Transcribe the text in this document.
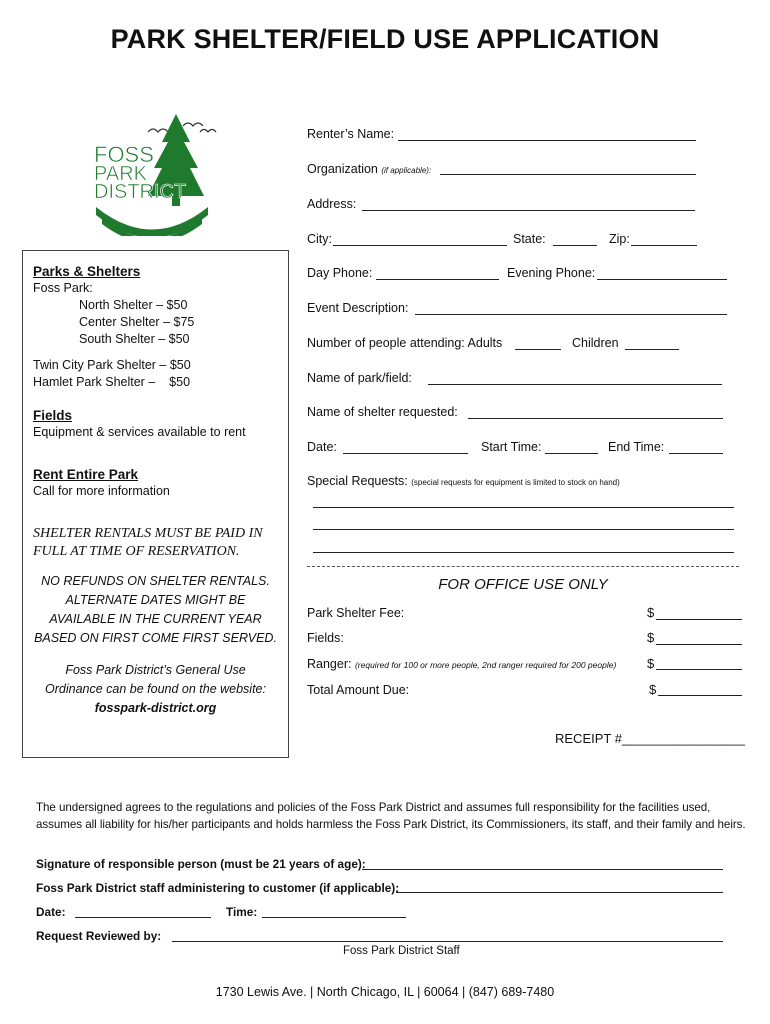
PARK SHELTER/FIELD USE APPLICATION
FOSS
PARK
DISTRICT
Parks & Shelters
Foss Park:
North Shelter – $50
Center Shelter – $75
South Shelter – $50
Twin City Park Shelter – $50
Hamlet Park Shelter –    $50
Fields
Equipment & services available to rent
Rent Entire Park
Call for more information
SHELTER RENTALS MUST BE PAID IN
FULL AT TIME OF RESERVATION.
NO REFUNDS ON SHELTER RENTALS.
ALTERNATE DATES MIGHT BE
AVAILABLE IN THE CURRENT YEAR
BASED ON FIRST COME FIRST SERVED.
Foss Park District’s General Use
Ordinance can be found on the website:
fosspark-district.org
Renter’s Name:
Organization (if applicable):
Address:
City:	State:	Zip:
Day Phone:	Evening Phone:
Event Description:
Number of people attending: Adults	Children
Name of park/field:
Name of shelter requested:
Date:	Start Time:	End Time:
Special Requests: (special requests for equipment is limited to stock on hand)
FOR OFFICE USE ONLY
Park Shelter Fee:	$
Fields:	$
Ranger: (required for 100 or more people, 2nd ranger required for 200 people) $
Total Amount Due:	$
RECEIPT #_________________
The undersigned agrees to the regulations and policies of the Foss Park District and assumes full responsibility for the facilities used, assumes all liability for his/her participants and holds harmless the Foss Park District, its Commissioners, its staff, and their family and heirs.
Signature of responsible person (must be 21 years of age):
Foss Park District staff administering to customer (if applicable):
Date:	Time:
Request Reviewed by:
Foss Park District Staff
1730 Lewis Ave. | North Chicago, IL | 60064 | (847) 689-7480
